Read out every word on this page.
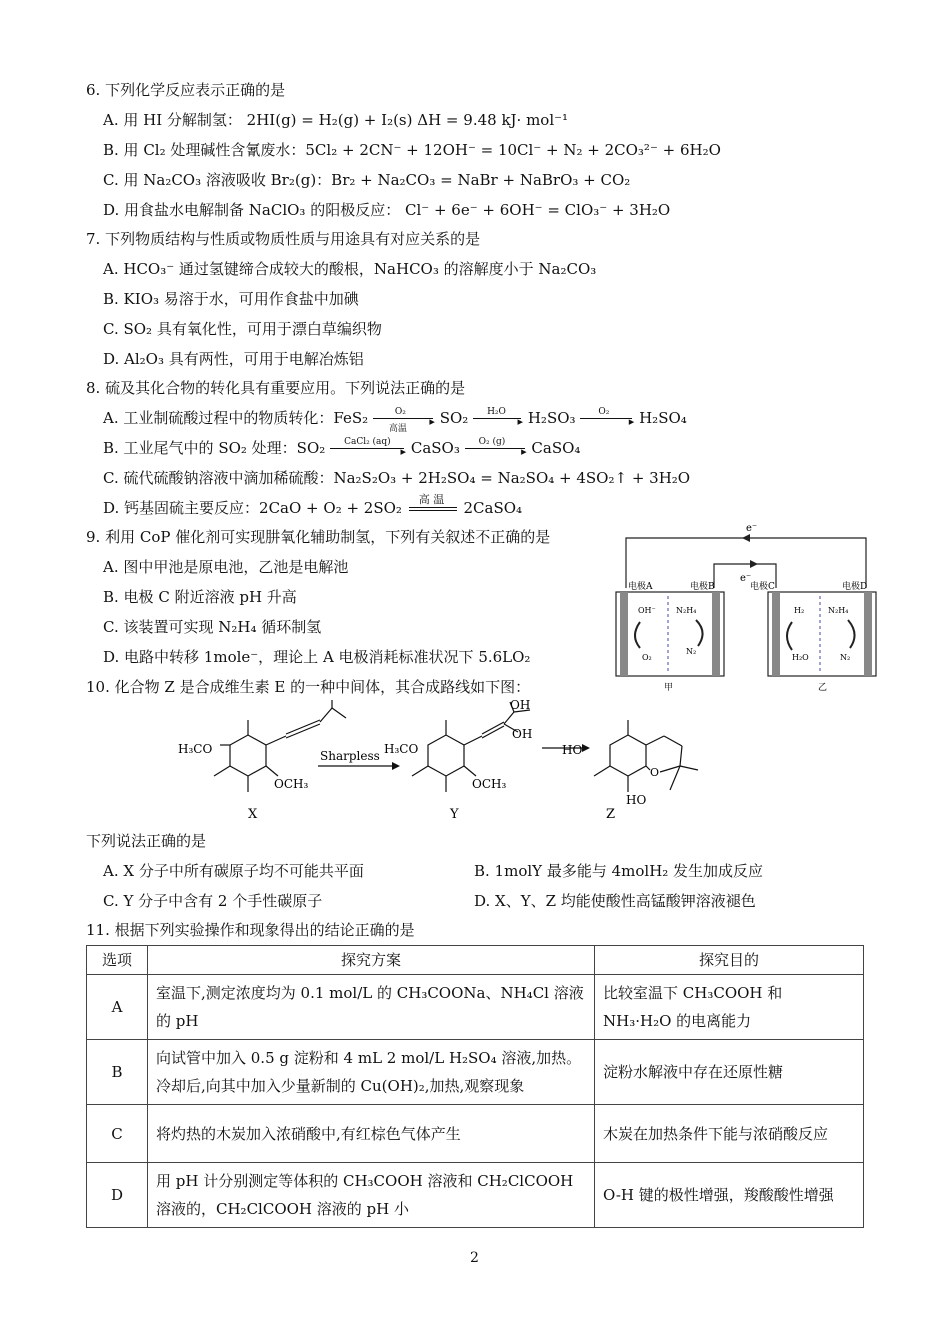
6. 下列化学反应表示正确的是
A. 用 HI 分解制氢： 2HI(g) = H₂(g) + I₂(s) ΔH = 9.48 kJ· mol⁻¹
B. 用 Cl₂ 处理碱性含氰废水：5Cl₂ + 2CN⁻ + 12OH⁻ = 10Cl⁻ + N₂ + 2CO₃²⁻ + 6H₂O
C. 用 Na₂CO₃ 溶液吸收 Br₂(g)：Br₂ + Na₂CO₃ = NaBr + NaBrO₃ + CO₂
D. 用食盐水电解制备 NaClO₃ 的阳极反应： Cl⁻ + 6e⁻ + 6OH⁻ = ClO₃⁻ + 3H₂O
7. 下列物质结构与性质或物质性质与用途具有对应关系的是
A. HCO₃⁻ 通过氢键缔合成较大的酸根，NaHCO₃ 的溶解度小于 Na₂CO₃
B. KIO₃ 易溶于水，可用作食盐中加碘
C. SO₂ 具有氧化性，可用于漂白草编织物
D. Al₂O₃ 具有两性，可用于电解冶炼铝
8. 硫及其化合物的转化具有重要应用。下列说法正确的是
A. 工业制硫酸过程中的物质转化：FeS₂	O₂
▸
高温
SO₂ H₂O
▸ H₂SO₃	O₂
▸ H₂SO₄
B. 工业尾气中的 SO₂ 处理：SO₂ CaCl₂ (aq)
▸ CaSO₃ O₂ (g)
▸ CaSO₄
C. 硫代硫酸钠溶液中滴加稀硫酸：Na₂S₂O₃ + 2H₂SO₄ = Na₂SO₄ + 4SO₂↑ + 3H₂O
D. 钙基固硫主要反应：2CaO + O₂ + 2SO₂ 高 温 2CaSO₄
9. 利用 CoP 催化剂可实现肼氧化辅助制氢，下列有关叙述不正确的是
A. 图中甲池是原电池，乙池是电解池
B. 电极 C 附近溶液 pH 升高
C. 该装置可实现 N₂H₄ 循环制氢
D. 电路中转移 1mole⁻，理论上 A 电极消耗标准状况下 5.6LO₂
e⁻
e⁻
电极A	电极B
OH⁻
O₂
N₂H₄
N₂
甲
电极C	电极D
H₂
H₂O
N₂H₄
N₂
乙
10. 化合物 Z 是合成维生素 E 的一种中间体，其合成路线如下图：
H₃CO
OCH₃
X
Sharpless H₃CO
OCH₃
OH
OH
Y
HO
O
HO
Z
下列说法正确的是
A. X 分子中所有碳原子均不可能共平面	B. 1molY 最多能与 4molH₂ 发生加成反应
C. Y 分子中含有 2 个手性碳原子	D. X、Y、Z 均能使酸性高锰酸钾溶液褪色
11. 根据下列实验操作和现象得出的结论正确的是
选项	探究方案	探究目的
A	室温下,测定浓度均为 0.1 mol/L 的 CH₃COONa、NH₄Cl 溶液的 pH	比较室温下 CH₃COOH 和 NH₃·H₂O 的电离能力
B	向试管中加入 0.5 g 淀粉和 4 mL 2 mol/L H₂SO₄ 溶液,加热。冷却后,向其中加入少量新制的 Cu(OH)₂,加热,观察现象	淀粉水解液中存在还原性糖
C	将灼热的木炭加入浓硝酸中,有红棕色气体产生	木炭在加热条件下能与浓硝酸反应
D	用 pH 计分别测定等体积的 CH₃COOH 溶液和 CH₂ClCOOH 溶液的，CH₂ClCOOH 溶液的 pH 小	O-H 键的极性增强，羧酸酸性增强
2
